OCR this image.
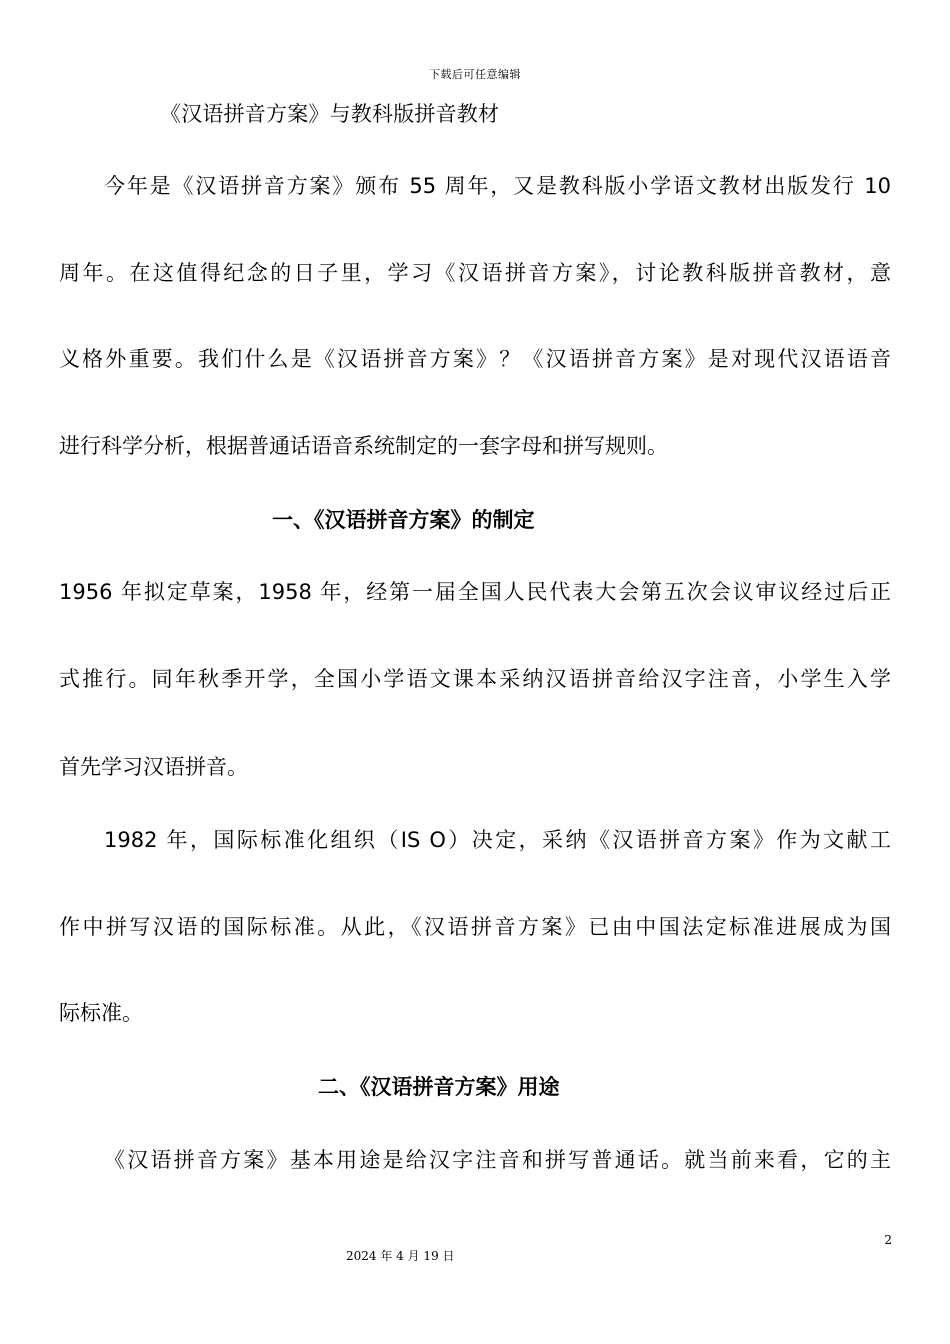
下载后可任意编辑
《汉语拼音方案》与教科版拼音教材
今年是《汉语拼音方案》颁布 55 周年，又是教科版小学语文教材出版发行 10
周年。在这值得纪念的日子里，学习《汉语拼音方案》，讨论教科版拼音教材，意
义格外重要。我们什么是《汉语拼音方案》？《汉语拼音方案》是对现代汉语语音
进行科学分析，根据普通话语音系统制定的一套字母和拼写规则。
一、《汉语拼音方案》的制定
1956 年拟定草案，1958 年，经第一届全国人民代表大会第五次会议审议经过后正
式推行。同年秋季开学，全国小学语文课本采纳汉语拼音给汉字注音，小学生入学
首先学习汉语拼音。
1982 年，国际标准化组织（IS O）决定，采纳《汉语拼音方案》作为文献工
作中拼写汉语的国际标准。从此，《汉语拼音方案》已由中国法定标准进展成为国
际标准。
二、《汉语拼音方案》用途
《汉语拼音方案》基本用途是给汉字注音和拼写普通话。就当前来看，它的主
2
2024 年 4 月 19 日
